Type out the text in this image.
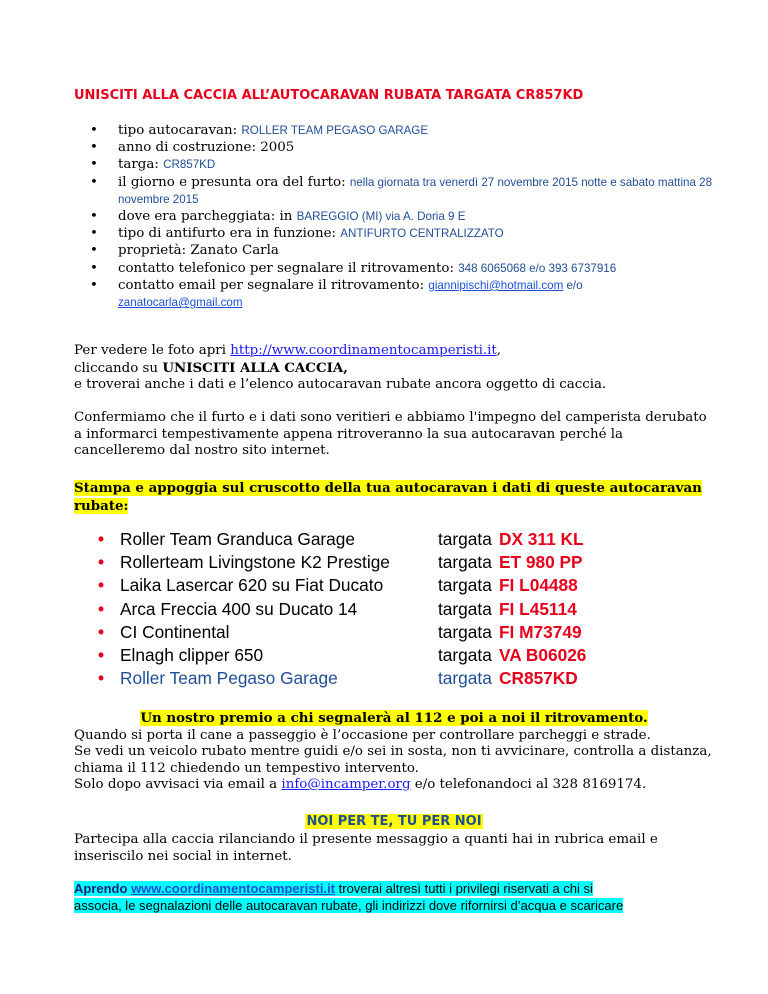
UNISCITI ALLA CACCIA ALL’AUTOCARAVAN RUBATA TARGATA CR857KD
• tipo autocaravan: ROLLER TEAM PEGASO GARAGE
• anno di costruzione: 2005
• targa: CR857KD
• il giorno e presunta ora del furto: nella giornata tra venerdì 27 novembre 2015 notte e sabato mattina 28 novembre 2015
• dove era parcheggiata: in BAREGGIO (MI) via A. Doria 9 E
• tipo di antifurto era in funzione: ANTIFURTO CENTRALIZZATO
• proprietà: Zanato Carla
• contatto telefonico per segnalare il ritrovamento: 348 6065068 e/o 393 6737916
• contatto email per segnalare il ritrovamento: giannipischi@hotmail.com e/o
zanatocarla@gmail.com
Per vedere le foto apri http://www.coordinamentocamperisti.it,
cliccando su UNISCITI ALLA CACCIA,
e troverai anche i dati e l’elenco autocaravan rubate ancora oggetto di caccia.
Confermiamo che il furto e i dati sono veritieri e abbiamo l'impegno del camperista derubato a informarci tempestivamente appena ritroveranno la sua autocaravan perché la cancelleremo dal nostro sito internet.
Stampa e appoggia sul cruscotto della tua autocaravan i dati di queste autocaravan
rubate:
• Roller Team Granduca Garage	targata DX 311 KL
• Rollerteam Livingstone K2 Prestige	targata ET 980 PP
• Laika Lasercar 620 su Fiat Ducato	targata FI L04488
• Arca Freccia 400 su Ducato 14	targata FI L45114
• CI Continental	targata FI M73749
• Elnagh clipper 650	targata VA B06026
• Roller Team Pegaso Garage	targata CR857KD
Un nostro premio a chi segnalerà al 112 e poi a noi il ritrovamento.
Quando si porta il cane a passeggio è l’occasione per controllare parcheggi e strade.
Se vedi un veicolo rubato mentre guidi e/o sei in sosta, non ti avvicinare, controlla a distanza, chiama il 112 chiedendo un tempestivo intervento.
Solo dopo avvisaci via email a info@incamper.org e/o telefonandoci al 328 8169174.
NOI PER TE, TU PER NOI
Partecipa alla caccia rilanciando il presente messaggio a quanti hai in rubrica email e inseriscilo nei social in internet.
Aprendo www.coordinamentocamperisti.it troverai altresì tutti i privilegi riservati a chi si
associa, le segnalazioni delle autocaravan rubate, gli indirizzi dove rifornirsi d’acqua e scaricare
